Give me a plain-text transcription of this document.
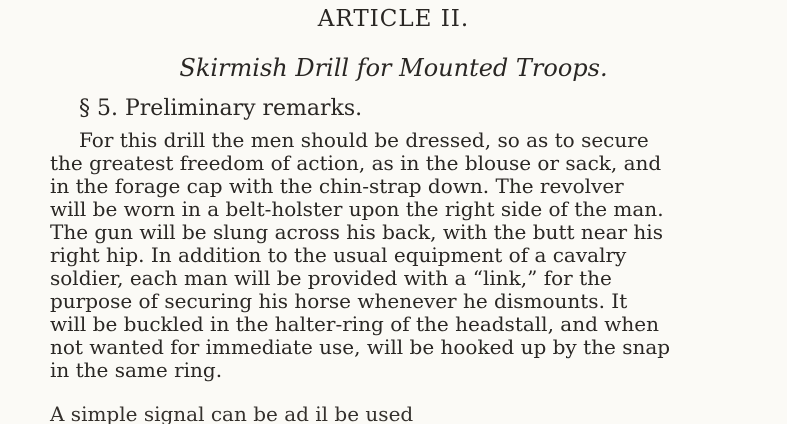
ARTICLE II.
Skirmish Drill for Mounted Troops.
§ 5. Preliminary remarks.
For this drill the men should be dressed, so as to secure
the greatest freedom of action, as in the blouse or sack, and
in the forage cap with the chin-strap down. The revolver
will be worn in a belt-holster upon the right side of the man.
The gun will be slung across his back, with the butt near his
right hip. In addition to the usual equipment of a cavalry
soldier, each man will be provided with a “link,” for the
purpose of securing his horse whenever he dismounts. It
will be buckled in the halter-ring of the headstall, and when
not wanted for immediate use, will be hooked up by the snap
in the same ring.
A simple signal can be ad il be used
